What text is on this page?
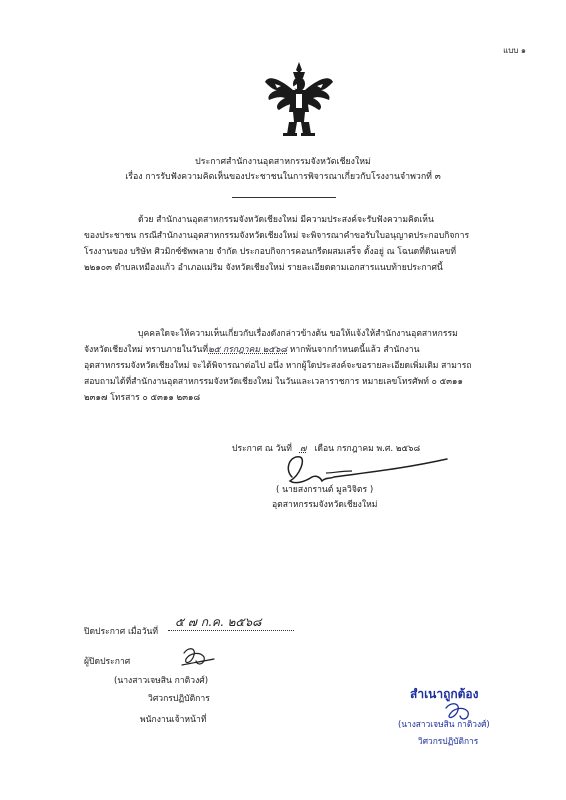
แบบ ๑
ประกาศสำนักงานอุตสาหกรรมจังหวัดเชียงใหม่
เรื่อง การรับฟังความคิดเห็นของประชาชนในการพิจารณาเกี่ยวกับโรงงานจำพวกที่ ๓
ด้วย สำนักงานอุตสาหกรรมจังหวัดเชียงใหม่ มีความประสงค์จะรับฟังความคิดเห็น
ของประชาชน กรณีสำนักงานอุตสาหกรรมจังหวัดเชียงใหม่ จะพิจารณาคำขอรับใบอนุญาตประกอบกิจการ
โรงงานของ บริษัท ศิวมิกซ์ซัพพลาย จำกัด ประกอบกิจการคอนกรีตผสมเสร็จ ตั้งอยู่ ณ โฉนดที่ดินเลขที่
๒๒๑๐๓ ตำบลเหมืองแก้ว อำเภอแม่ริม จังหวัดเชียงใหม่ รายละเอียดตามเอกสารแนบท้ายประกาศนี้
บุคคลใดจะให้ความเห็นเกี่ยวกับเรื่องดังกล่าวข้างต้น ขอให้แจ้งให้สำนักงานอุตสาหกรรม
จังหวัดเชียงใหม่ ทราบภายในวันที่๒๕ กรกฎาคม ๒๕๖๘ หากพ้นจากกำหนดนี้แล้ว สำนักงาน
อุตสาหกรรมจังหวัดเชียงใหม่ จะได้พิจารณาต่อไป อนึ่ง หากผู้ใดประสงค์จะขอรายละเอียดเพิ่มเติม สามารถ
สอบถามได้ที่สำนักงานอุตสาหกรรมจังหวัดเชียงใหม่ ในวันและเวลาราชการ หมายเลขโทรศัพท์ ๐ ๕๓๑๑
๒๓๑๗ โทรสาร ๐ ๕๓๑๑ ๒๓๑๘
ประกาศ ณ วันที่ ๗ เดือน กรกฎาคม พ.ศ. ๒๕๖๘
( นายสงกรานต์ มูลวิจิตร )
อุตสาหกรรมจังหวัดเชียงใหม่
ปิดประกาศ เมื่อวันที่
๕ ๗ ก.ค. ๒๕๖๘
ผู้ปิดประกาศ
(นางสาวเจษสิน กาติวงศ์)
วิศวกรปฏิบัติการ
พนักงานเจ้าหน้าที่
สำเนาถูกต้อง
(นางสาวเจษสิน กาติวงศ์)
วิศวกรปฏิบัติการ
